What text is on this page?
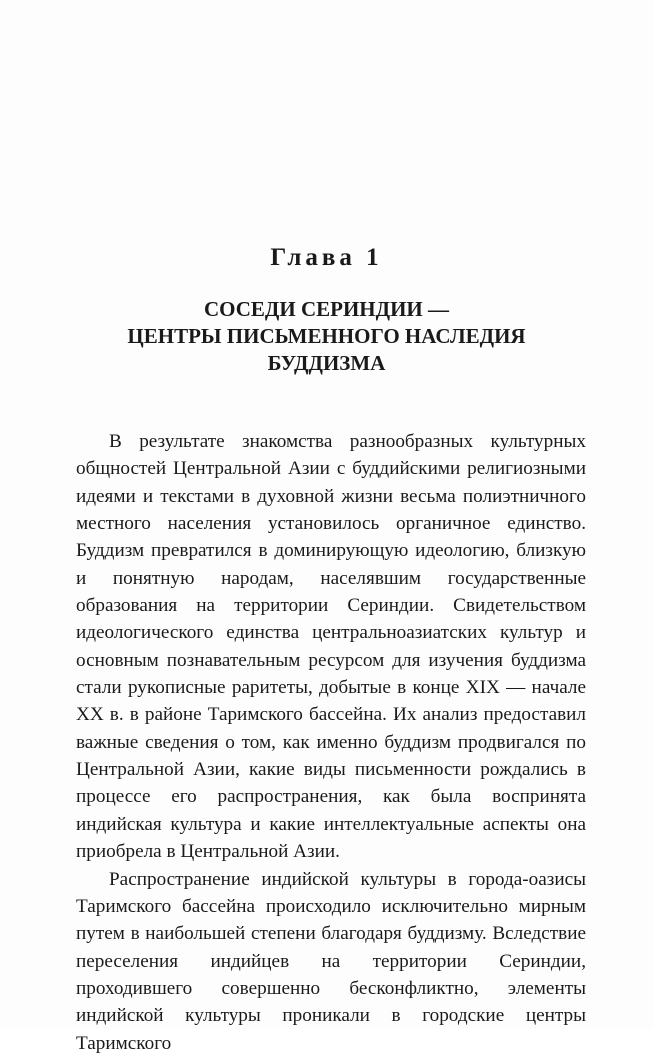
Глава 1
СОСЕДИ СЕРИНДИИ —
ЦЕНТРЫ ПИСЬМЕННОГО НАСЛЕДИЯ
БУДДИЗМА

В результате знакомства разнообразных культурных общностей Центральной Азии с буддийскими религиозными идеями и текстами в духовной жизни весьма полиэтничного местного населения установилось органичное единство. Буддизм превратился в доминирующую идеологию, близкую и понятную народам, населявшим государственные образования на территории Сериндии. Свидетельством идеологического единства центральноазиатских культур и основным познавательным ресурсом для изучения буддизма стали рукописные раритеты, добытые в конце XIX — начале XX в. в районе Таримского бассейна. Их анализ предоставил важные сведения о том, как именно буддизм продвигался по Центральной Азии, какие виды письменности рождались в процессе его распространения, как была воспринята индийская культура и какие интеллектуальные аспекты она приобрела в Центральной Азии.

Распространение индийской культуры в города-оазисы Таримского бассейна происходило исключительно мирным путем в наибольшей степени благодаря буддизму. Вследствие переселения индийцев на территории Сериндии, проходившего совершенно бесконфликтно, элементы индийской культуры проникали в городские центры Таримского
